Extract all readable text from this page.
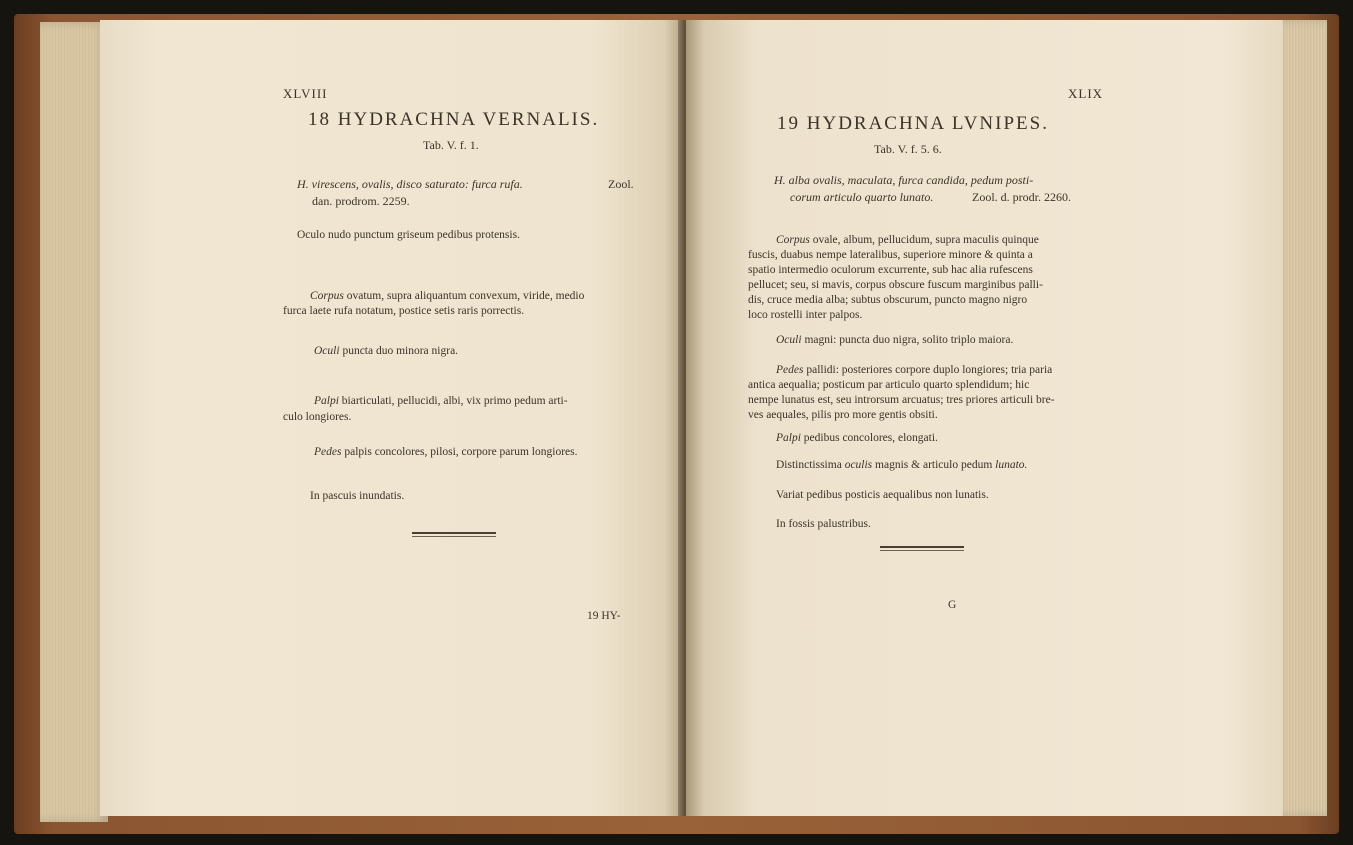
XLVIII
18 HYDRACHNA VERNALIS.
Tab. V. f. 1.
H. virescens, ovalis, disco saturato: furca rufa.	Zool.
dan. prodrom. 2259.
Oculo nudo punctum griseum pedibus protensis.
Corpus ovatum, supra aliquantum convexum, viride, medio
furca laete rufa notatum, postice setis raris porrectis.
Oculi puncta duo minora nigra.
Palpi biarticulati, pellucidi, albi, vix primo pedum arti-
culo longiores.
Pedes palpis concolores, pilosi, corpore parum longiores.
In pascuis inundatis.
19 HY-
XLIX
19 HYDRACHNA LVNIPES.
Tab. V. f. 5. 6.
H. alba ovalis, maculata, furca candida, pedum posti-
corum articulo quarto lunato.	Zool. d. prodr. 2260.
Corpus ovale, album, pellucidum, supra maculis quinque
fuscis, duabus nempe lateralibus, superiore minore & quinta a
spatio intermedio oculorum excurrente, sub hac alia rufescens
pellucet; seu, si mavis, corpus obscure fuscum marginibus palli-
dis, cruce media alba; subtus obscurum, puncto magno nigro
loco rostelli inter palpos.
Oculi magni: puncta duo nigra, solito triplo maiora.
Pedes pallidi: posteriores corpore duplo longiores; tria paria
antica aequalia; posticum par articulo quarto splendidum; hic
nempe lunatus est, seu introrsum arcuatus; tres priores articuli bre-
ves aequales, pilis pro more gentis obsiti.
Palpi pedibus concolores, elongati.
Distinctissima oculis magnis & articulo pedum lunato.
Variat pedibus posticis aequalibus non lunatis.
In fossis palustribus.
G
